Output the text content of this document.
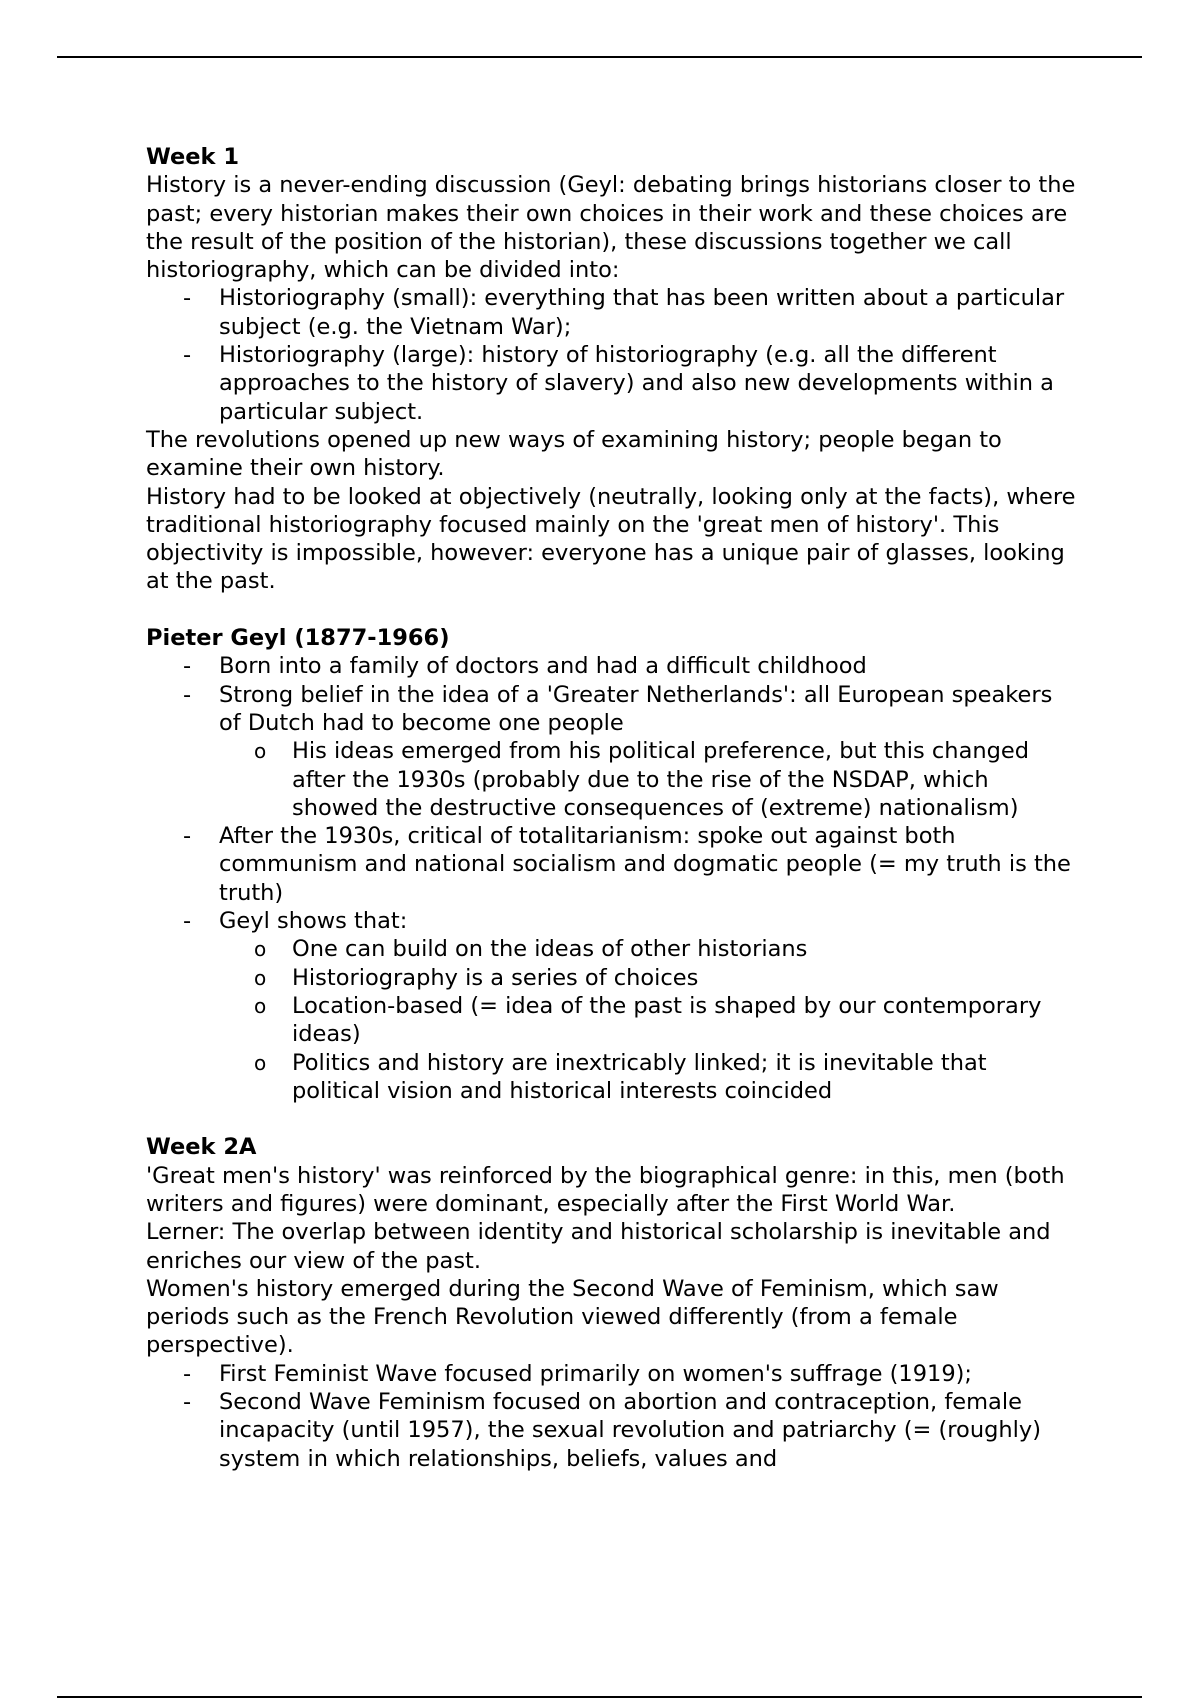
Week 1

History is a never-ending discussion (Geyl: debating brings historians closer to the past; every historian makes their own choices in their work and these choices are the result of the position of the historian), these discussions together we call historiography, which can be divided into:

- Historiography (small): everything that has been written about a particular subject (e.g. the Vietnam War);
- Historiography (large): history of historiography (e.g. all the different approaches to the history of slavery) and also new developments within a particular subject.

The revolutions opened up new ways of examining history; people began to examine their own history.

History had to be looked at objectively (neutrally, looking only at the facts), where traditional historiography focused mainly on the 'great men of history'. This objectivity is impossible, however: everyone has a unique pair of glasses, looking at the past.

Pieter Geyl (1877-1966)
- Born into a family of doctors and had a difficult childhood
- Strong belief in the idea of a 'Greater Netherlands': all European speakers of Dutch had to become one people
o His ideas emerged from his political preference, but this changed after the 1930s (probably due to the rise of the NSDAP, which showed the destructive consequences of (extreme) nationalism)
- After the 1930s, critical of totalitarianism: spoke out against both communism and national socialism and dogmatic people (= my truth is the truth)
- Geyl shows that:
o One can build on the ideas of other historians
o Historiography is a series of choices
o Location-based (= idea of the past is shaped by our contemporary ideas)
o Politics and history are inextricably linked; it is inevitable that political vision and historical interests coincided
Week 2A

'Great men's history' was reinforced by the biographical genre: in this, men (both writers and figures) were dominant, especially after the First World War.

Lerner: The overlap between identity and historical scholarship is inevitable and enriches our view of the past.

Women's history emerged during the Second Wave of Feminism, which saw periods such as the French Revolution viewed differently (from a female perspective).

- First Feminist Wave focused primarily on women's suffrage (1919);
- Second Wave Feminism focused on abortion and contraception, female incapacity (until 1957), the sexual revolution and patriarchy (= (roughly) system in which relationships, beliefs, values and
